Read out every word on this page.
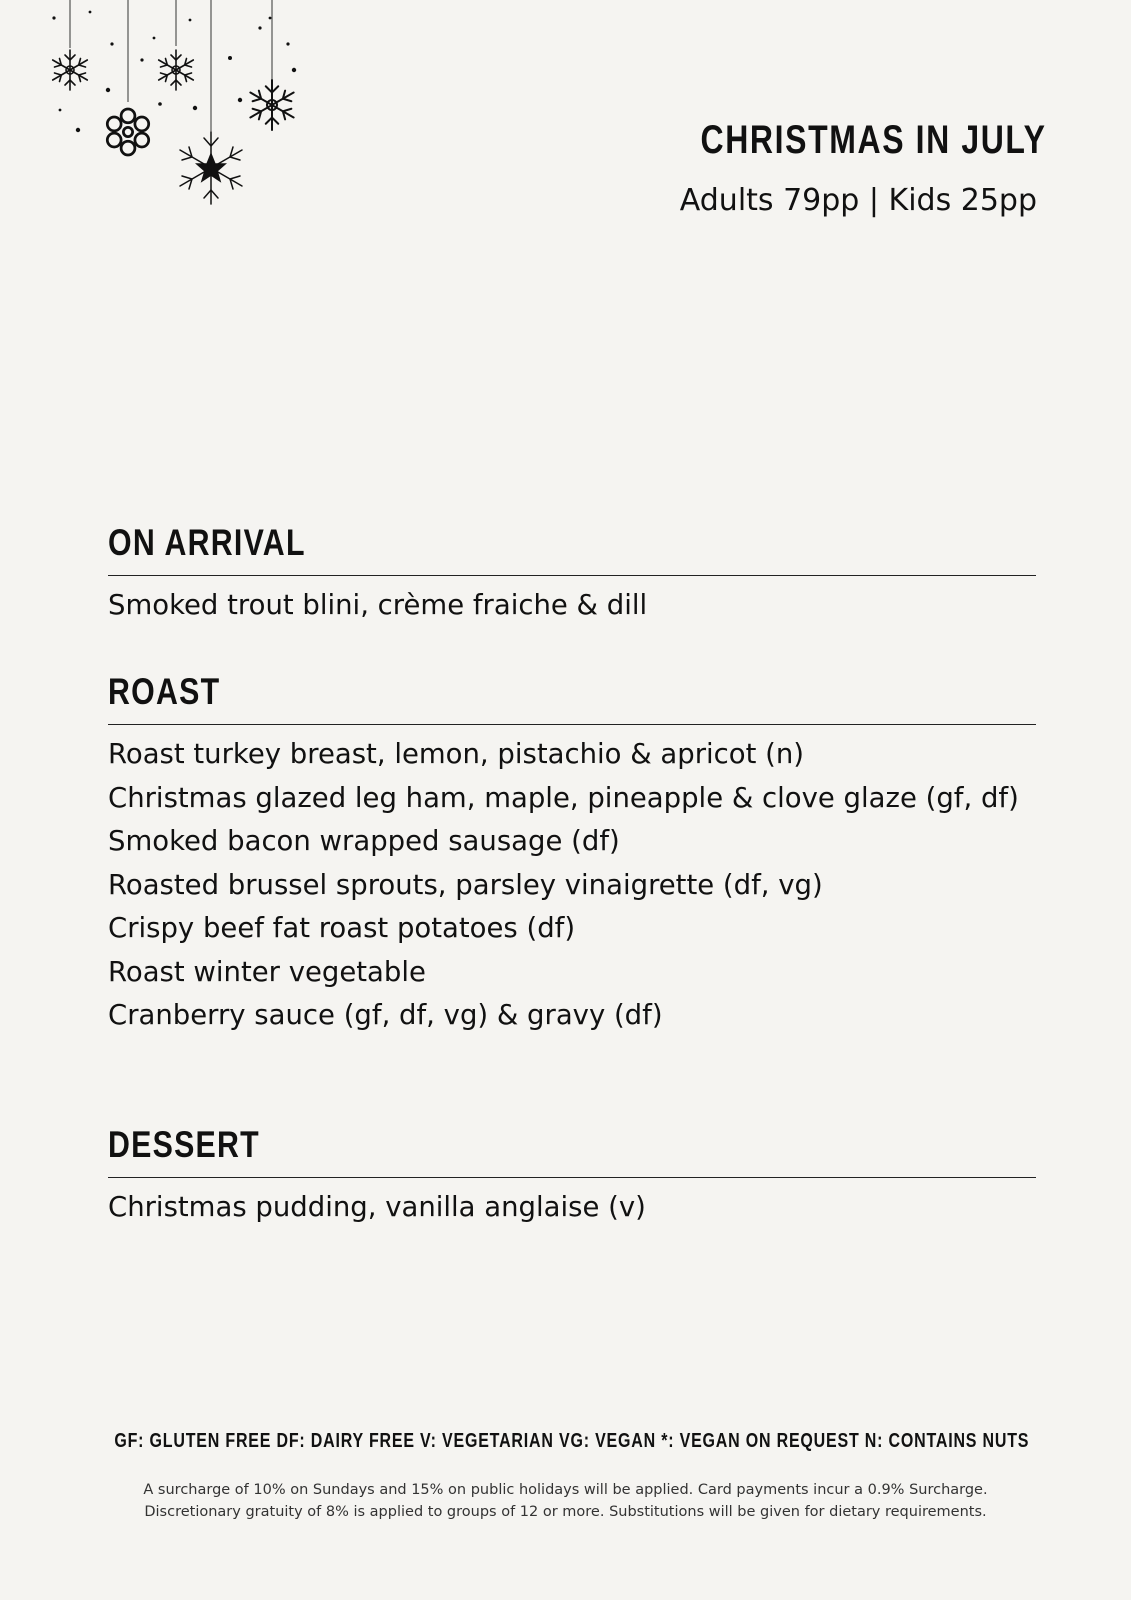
CHRISTMAS IN JULY
Adults 79pp | Kids 25pp
ON ARRIVAL
Smoked trout blini, crème fraiche & dill
ROAST
Roast turkey breast, lemon, pistachio & apricot (n)
Christmas glazed leg ham, maple, pineapple & clove glaze (gf, df)
Smoked bacon wrapped sausage (df)
Roasted brussel sprouts, parsley vinaigrette (df, vg)
Crispy beef fat roast potatoes (df)
Roast winter vegetable
Cranberry sauce (gf, df, vg) & gravy (df)
DESSERT
Christmas pudding, vanilla anglaise (v)
GF: GLUTEN FREE DF: DAIRY FREE V: VEGETARIAN VG: VEGAN *: VEGAN ON REQUEST N: CONTAINS NUTS
A surcharge of 10% on Sundays and 15% on public holidays will be applied. Card payments incur a 0.9% Surcharge.
Discretionary gratuity of 8% is applied to groups of 12 or more. Substitutions will be given for dietary requirements.
